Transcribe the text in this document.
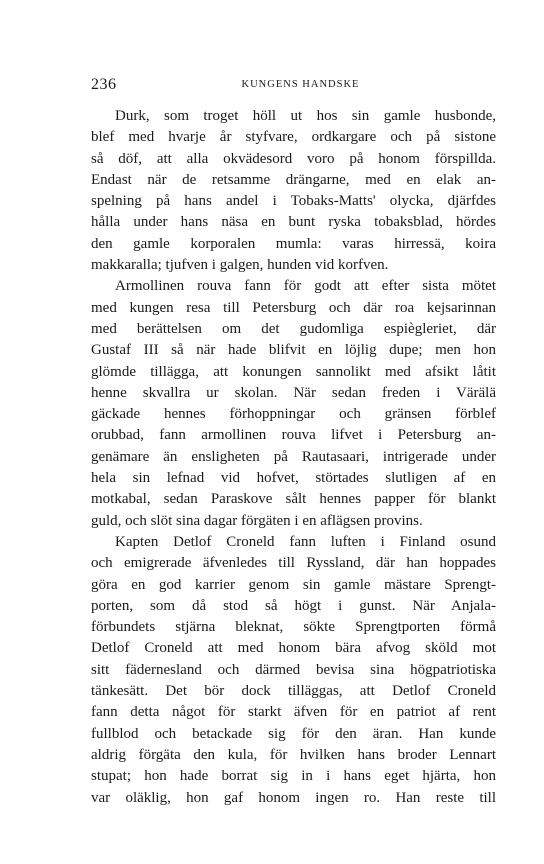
236	KUNGENS HANDSKE
Durk, som troget höll ut hos sin gamle husbonde,
blef med hvarje år styfvare, ordkargare och på sistone
så döf, att alla okvädesord voro på honom förspillda.
Endast när de retsamme drängarne, med en elak an-
spelning på hans andel i Tobaks-Matts' olycka, djärfdes
hålla under hans näsa en bunt ryska tobaksblad, hördes
den gamle korporalen mumla: varas hirressä, koira
makkaralla; tjufven i galgen, hunden vid korfven.
Armollinen rouva fann för godt att efter sista mötet
med kungen resa till Petersburg och där roa kejsarinnan
med berättelsen om det gudomliga espiègleriet, där
Gustaf III så när hade blifvit en löjlig dupe; men hon
glömde tillägga, att konungen sannolikt med afsikt låtit
henne skvallra ur skolan. När sedan freden i Värälä
gäckade hennes förhoppningar och gränsen förblef
orubbad, fann armollinen rouva lifvet i Petersburg an-
genämare än ensligheten på Rautasaari, intrigerade under
hela sin lefnad vid hofvet, störtades slutligen af en
motkabal, sedan Paraskove sålt hennes papper för blankt
guld, och slöt sina dagar förgäten i en aflägsen provins.
Kapten Detlof Croneld fann luften i Finland osund
och emigrerade äfvenledes till Ryssland, där han hoppades
göra en god karrier genom sin gamle mästare Sprengt-
porten, som då stod så högt i gunst. När Anjala-
förbundets stjärna bleknat, sökte Sprengtporten förmå
Detlof Croneld att med honom bära afvog sköld mot
sitt fädernesland och därmed bevisa sina högpatriotiska
tänkesätt. Det bör dock tilläggas, att Detlof Croneld
fann detta något för starkt äfven för en patriot af rent
fullblod och betackade sig för den äran. Han kunde
aldrig förgäta den kula, för hvilken hans broder Lennart
stupat; hon hade borrat sig in i hans eget hjärta, hon
var oläklig, hon gaf honom ingen ro. Han reste till
